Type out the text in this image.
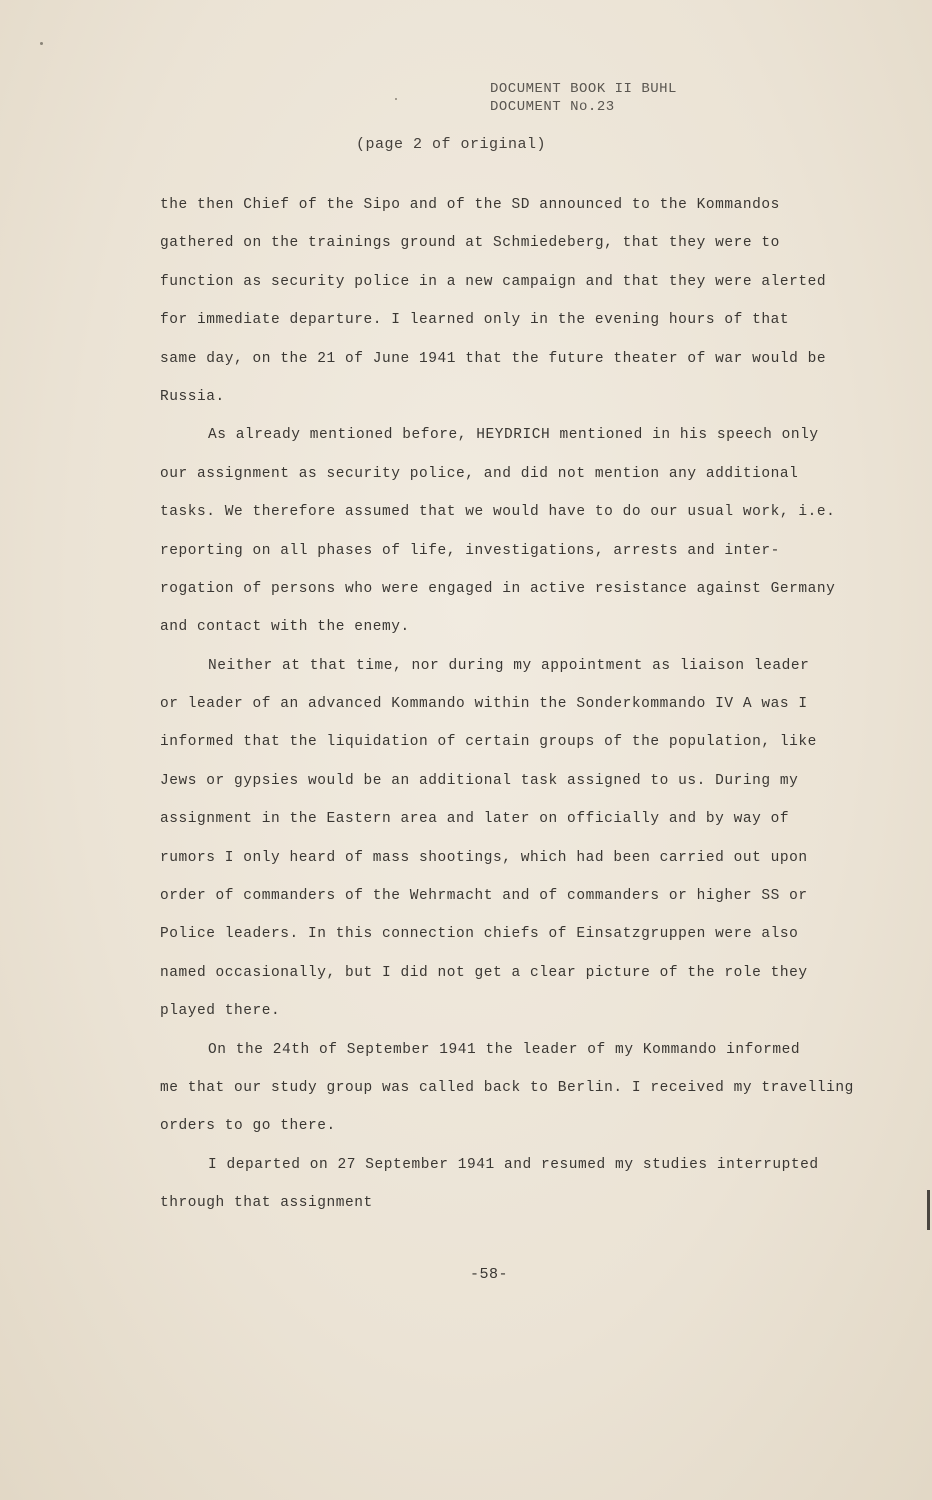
DOCUMENT BOOK II BUHL
DOCUMENT No.23
(page 2 of original)
the then Chief of the Sipo and of the SD announced to the Kommandos
gathered on the trainings ground at Schmiedeberg, that they were to
function as security police in a new campaign and that they were alerted
for immediate departure. I learned only in the evening hours of that
same day, on the 21 of June 1941 that the future theater of war would be
Russia.
As already mentioned before, HEYDRICH mentioned in his speech only
our assignment as security police, and did not mention any additional
tasks. We therefore assumed that we would have to do our usual work, i.e.
reporting on all phases of life, investigations, arrests and inter-
rogation of persons who were engaged in active resistance against Germany
and contact with the enemy.
Neither at that time, nor during my appointment as liaison leader
or leader of an advanced Kommando within the Sonderkommando IV A was I
informed that the liquidation of certain groups of the population, like
Jews or gypsies would be an additional task assigned to us. During my
assignment in the Eastern area and later on officially and by way of
rumors I only heard of mass shootings, which had been carried out upon
order of commanders of the Wehrmacht and of commanders or higher SS or
Police leaders. In this connection chiefs of Einsatzgruppen were also
named occasionally, but I did not get a clear picture of the role they
played there.
On the 24th of September 1941 the leader of my Kommando informed
me that our study group was called back to Berlin. I received my travelling
orders to go there.
I departed on 27 September 1941 and resumed my studies interrupted
through that assignment
-58-
